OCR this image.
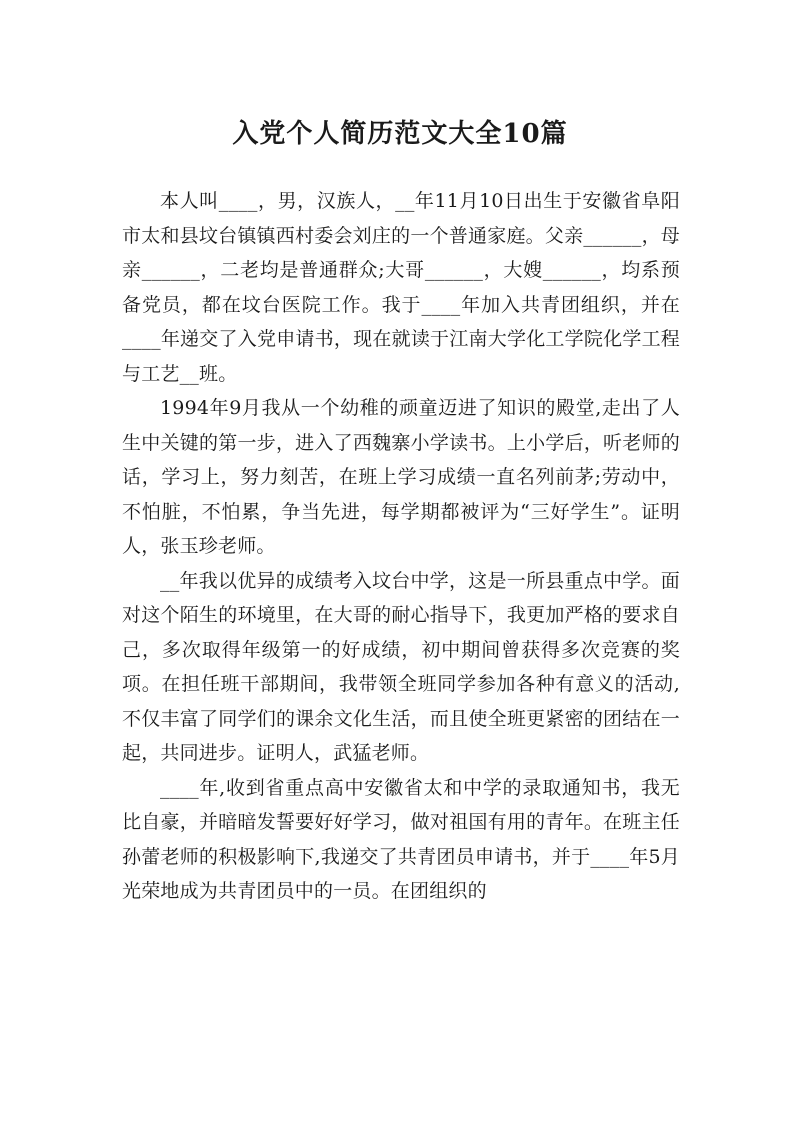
入党个人简历范文大全10篇

本人叫____，男，汉族人，__年11月10日出生于安徽省阜阳市太和县坟台镇镇西村委会刘庄的一个普通家庭。父亲______，母亲______，二老均是普通群众;大哥______，大嫂______，均系预备党员，都在坟台医院工作。我于____年加入共青团组织，并在____年递交了入党申请书，现在就读于江南大学化工学院化学工程与工艺__班。

1994年9月我从一个幼稚的顽童迈进了知识的殿堂,走出了人生中关键的第一步，进入了西魏寨小学读书。上小学后，听老师的话，学习上，努力刻苦，在班上学习成绩一直名列前茅;劳动中，不怕脏，不怕累，争当先进，每学期都被评为“三好学生”。证明人，张玉珍老师。

__年我以优异的成绩考入坟台中学，这是一所县重点中学。面对这个陌生的环境里，在大哥的耐心指导下，我更加严格的要求自己，多次取得年级第一的好成绩，初中期间曾获得多次竞赛的奖项。在担任班干部期间，我带领全班同学参加各种有意义的活动,不仅丰富了同学们的课余文化生活，而且使全班更紧密的团结在一起，共同进步。证明人，武猛老师。

____年,收到省重点高中安徽省太和中学的录取通知书，我无比自豪，并暗暗发誓要好好学习，做对祖国有用的青年。在班主任孙蕾老师的积极影响下,我递交了共青团员申请书，并于____年5月光荣地成为共青团员中的一员。在团组织的
